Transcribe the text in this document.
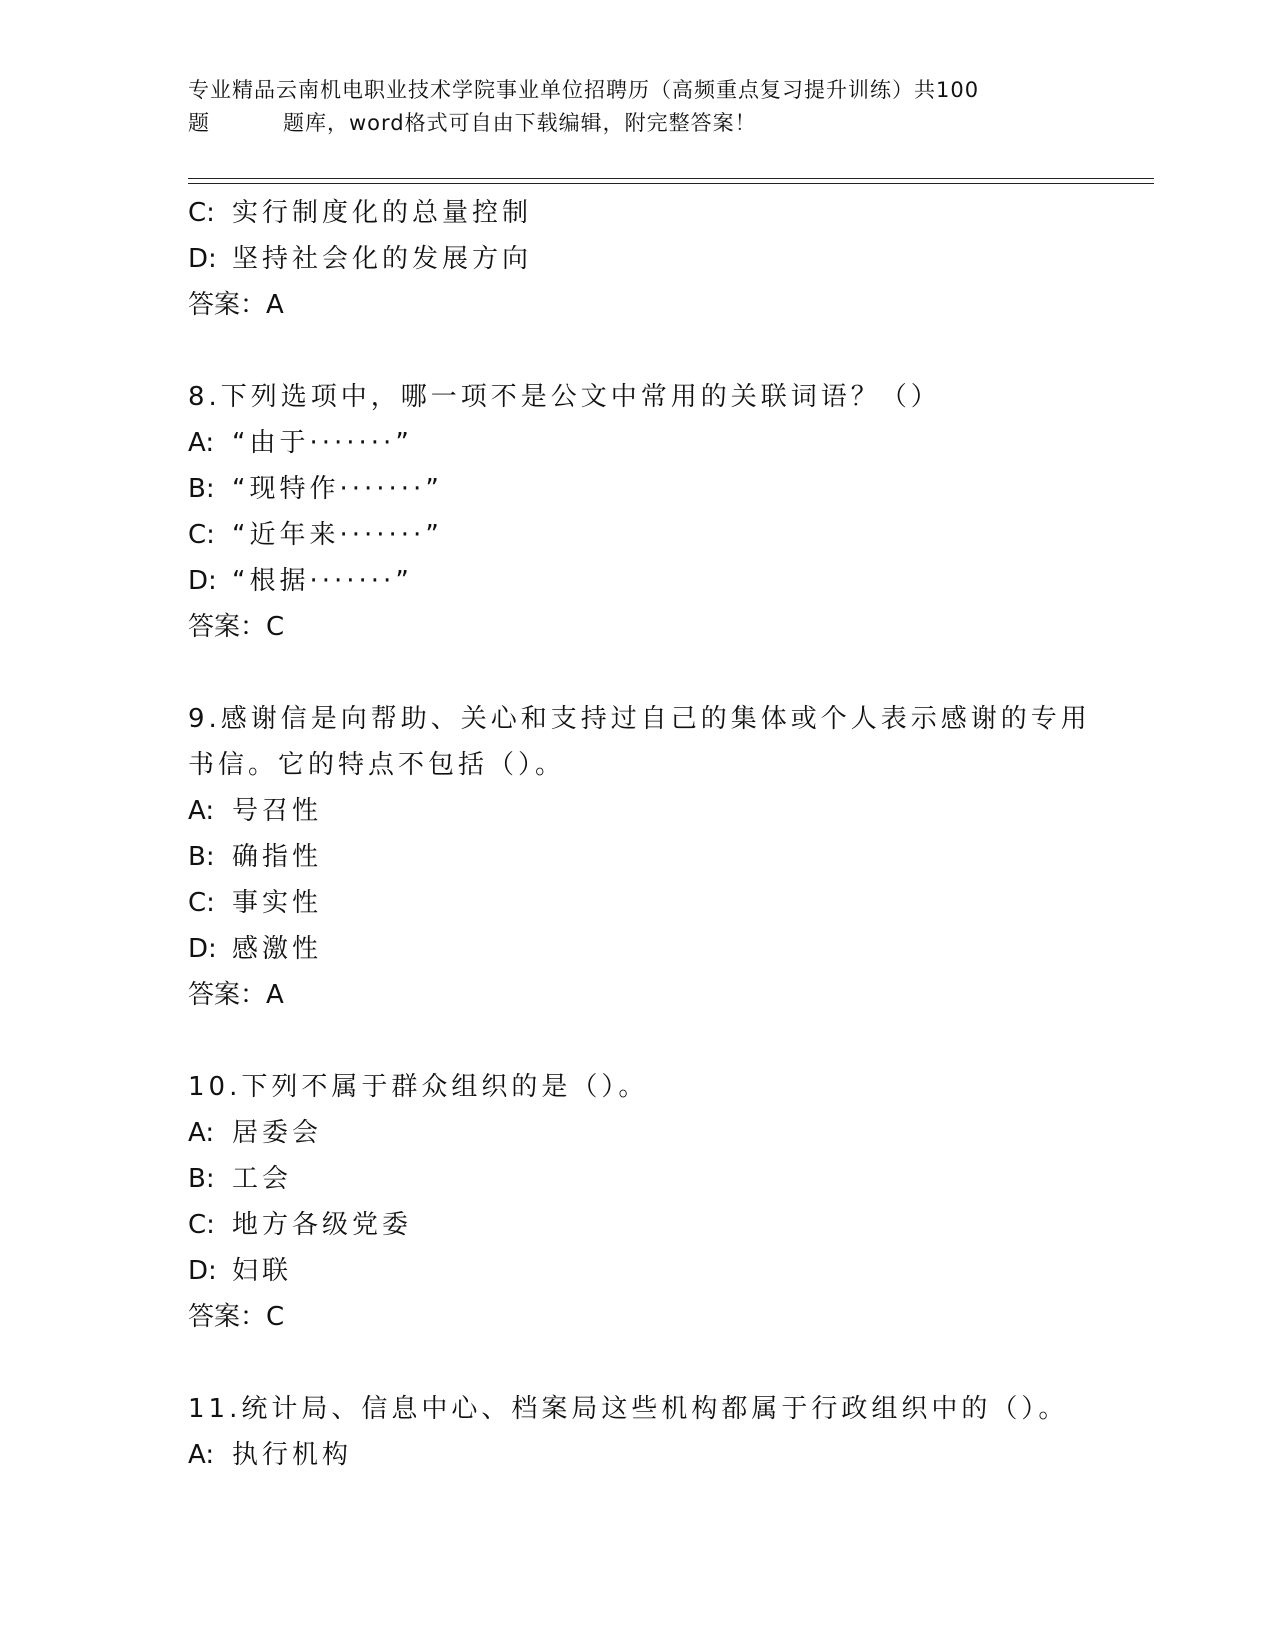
专业精品云南机电职业技术学院事业单位招聘历（高频重点复习提升训练）共100
题	题库，word格式可自由下载编辑，附完整答案！
C: 实行制度化的总量控制
D: 坚持社会化的发展方向
答案：A
8.下列选项中，哪一项不是公文中常用的关联词语？（）
A: “由于·······”
B: “现特作·······”
C: “近年来·······”
D: “根据·······”
答案：C
9.感谢信是向帮助、关心和支持过自己的集体或个人表示感谢的专用
书信。它的特点不包括（）。
A: 号召性
B: 确指性
C: 事实性
D: 感激性
答案：A
10.下列不属于群众组织的是（）。
A: 居委会
B: 工会
C: 地方各级党委
D: 妇联
答案：C
11.统计局、信息中心、档案局这些机构都属于行政组织中的（）。
A: 执行机构
